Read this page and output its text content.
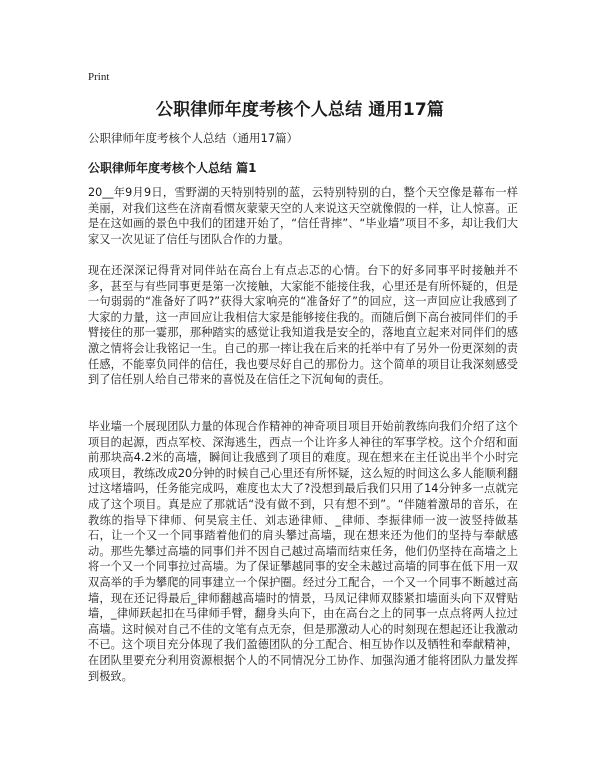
Print
公职律师年度考核个人总结 通用17篇

公职律师年度考核个人总结（通用17篇）

公职律师年度考核个人总结 篇1

20__年9月9日，雪野湖的天特别特别的蓝，云特别特别的白，整个天空像是幕布一样美丽，对我们这些在济南看惯灰蒙蒙天空的人来说这天空就像假的一样，让人惊喜。正是在这如画的景色中我们的团建开始了，“信任背摔”、“毕业墙”项目不多，却让我们大家又一次见证了信任与团队合作的力量。

现在还深深记得背对同伴站在高台上有点忐忑的心情。台下的好多同事平时接触并不多，甚至与有些同事更是第一次接触，大家能不能接住我，心里还是有所怀疑的，但是一句弱弱的“准备好了吗?”获得大家响亮的“准备好了”的回应，这一声回应让我感到了大家的力量，这一声回应让我相信大家是能够接住我的。而随后倒下高台被同伴们的手臂接住的那一霎那，那种踏实的感觉让我知道我是安全的，落地直立起来对同伴们的感激之情将会让我铭记一生。自己的那一摔让我在后来的托举中有了另外一份更深刻的责任感，不能辜负同伴的信任，我也要尽好自己的那份力。这个简单的项目让我深刻感受到了信任别人给自己带来的喜悦及在信任之下沉甸甸的责任。

毕业墙一个展现团队力量的体现合作精神的神奇项目项目开始前教练向我们介绍了这个项目的起源，西点军校、深海逃生，西点一个让许多人神往的军事学校。这个介绍和面前那块高4.2米的高墙，瞬间让我感到了项目的难度。现在想来在主任说出半个小时完成项目，教练改成20分钟的时候自己心里还有所怀疑，这么短的时间这么多人能顺利翻过这堵墙吗，任务能完成吗，难度也太大了?没想到最后我们只用了14分钟多一点就完成了这个项目。真是应了那就话“没有做不到，只有想不到”。“伴随着激昂的音乐，在教练的指导下律师、何昊宸主任、刘志逊律师、_律师、李振律师一波一波竖持做基石，让一个又一个同事踏着他们的肩头攀过高墙，现在想来还为他们的坚持与奉献感动。那些先攀过高墙的同事们并不因自己越过高墙而结束任务，他们仍坚持在高墙之上将一个又一个同事拉过高墙。为了保证攀越同事的安全未越过高墙的同事在低下用一双双高举的手为攀爬的同事建立一个保护圈。经过分工配合，一个又一个同事不断越过高墙，现在还记得最后_律师翻越高墙时的情景，马凤记律师双膝紧扣墙面头向下双臂贴墙，_律师跃起扣在马律师手臂，翻身头向下，由在高台之上的同事一点点将两人拉过高墙。这时候对自己不佳的文笔有点无奈，但是那激动人心的时刻现在想起还让我激动不已。这个项目充分体现了我们盈德团队的分工配合、相互协作以及牺牲和奉献精神，在团队里要充分利用资源根据个人的不同情况分工协作、加强沟通才能将团队力量发挥到极致。
